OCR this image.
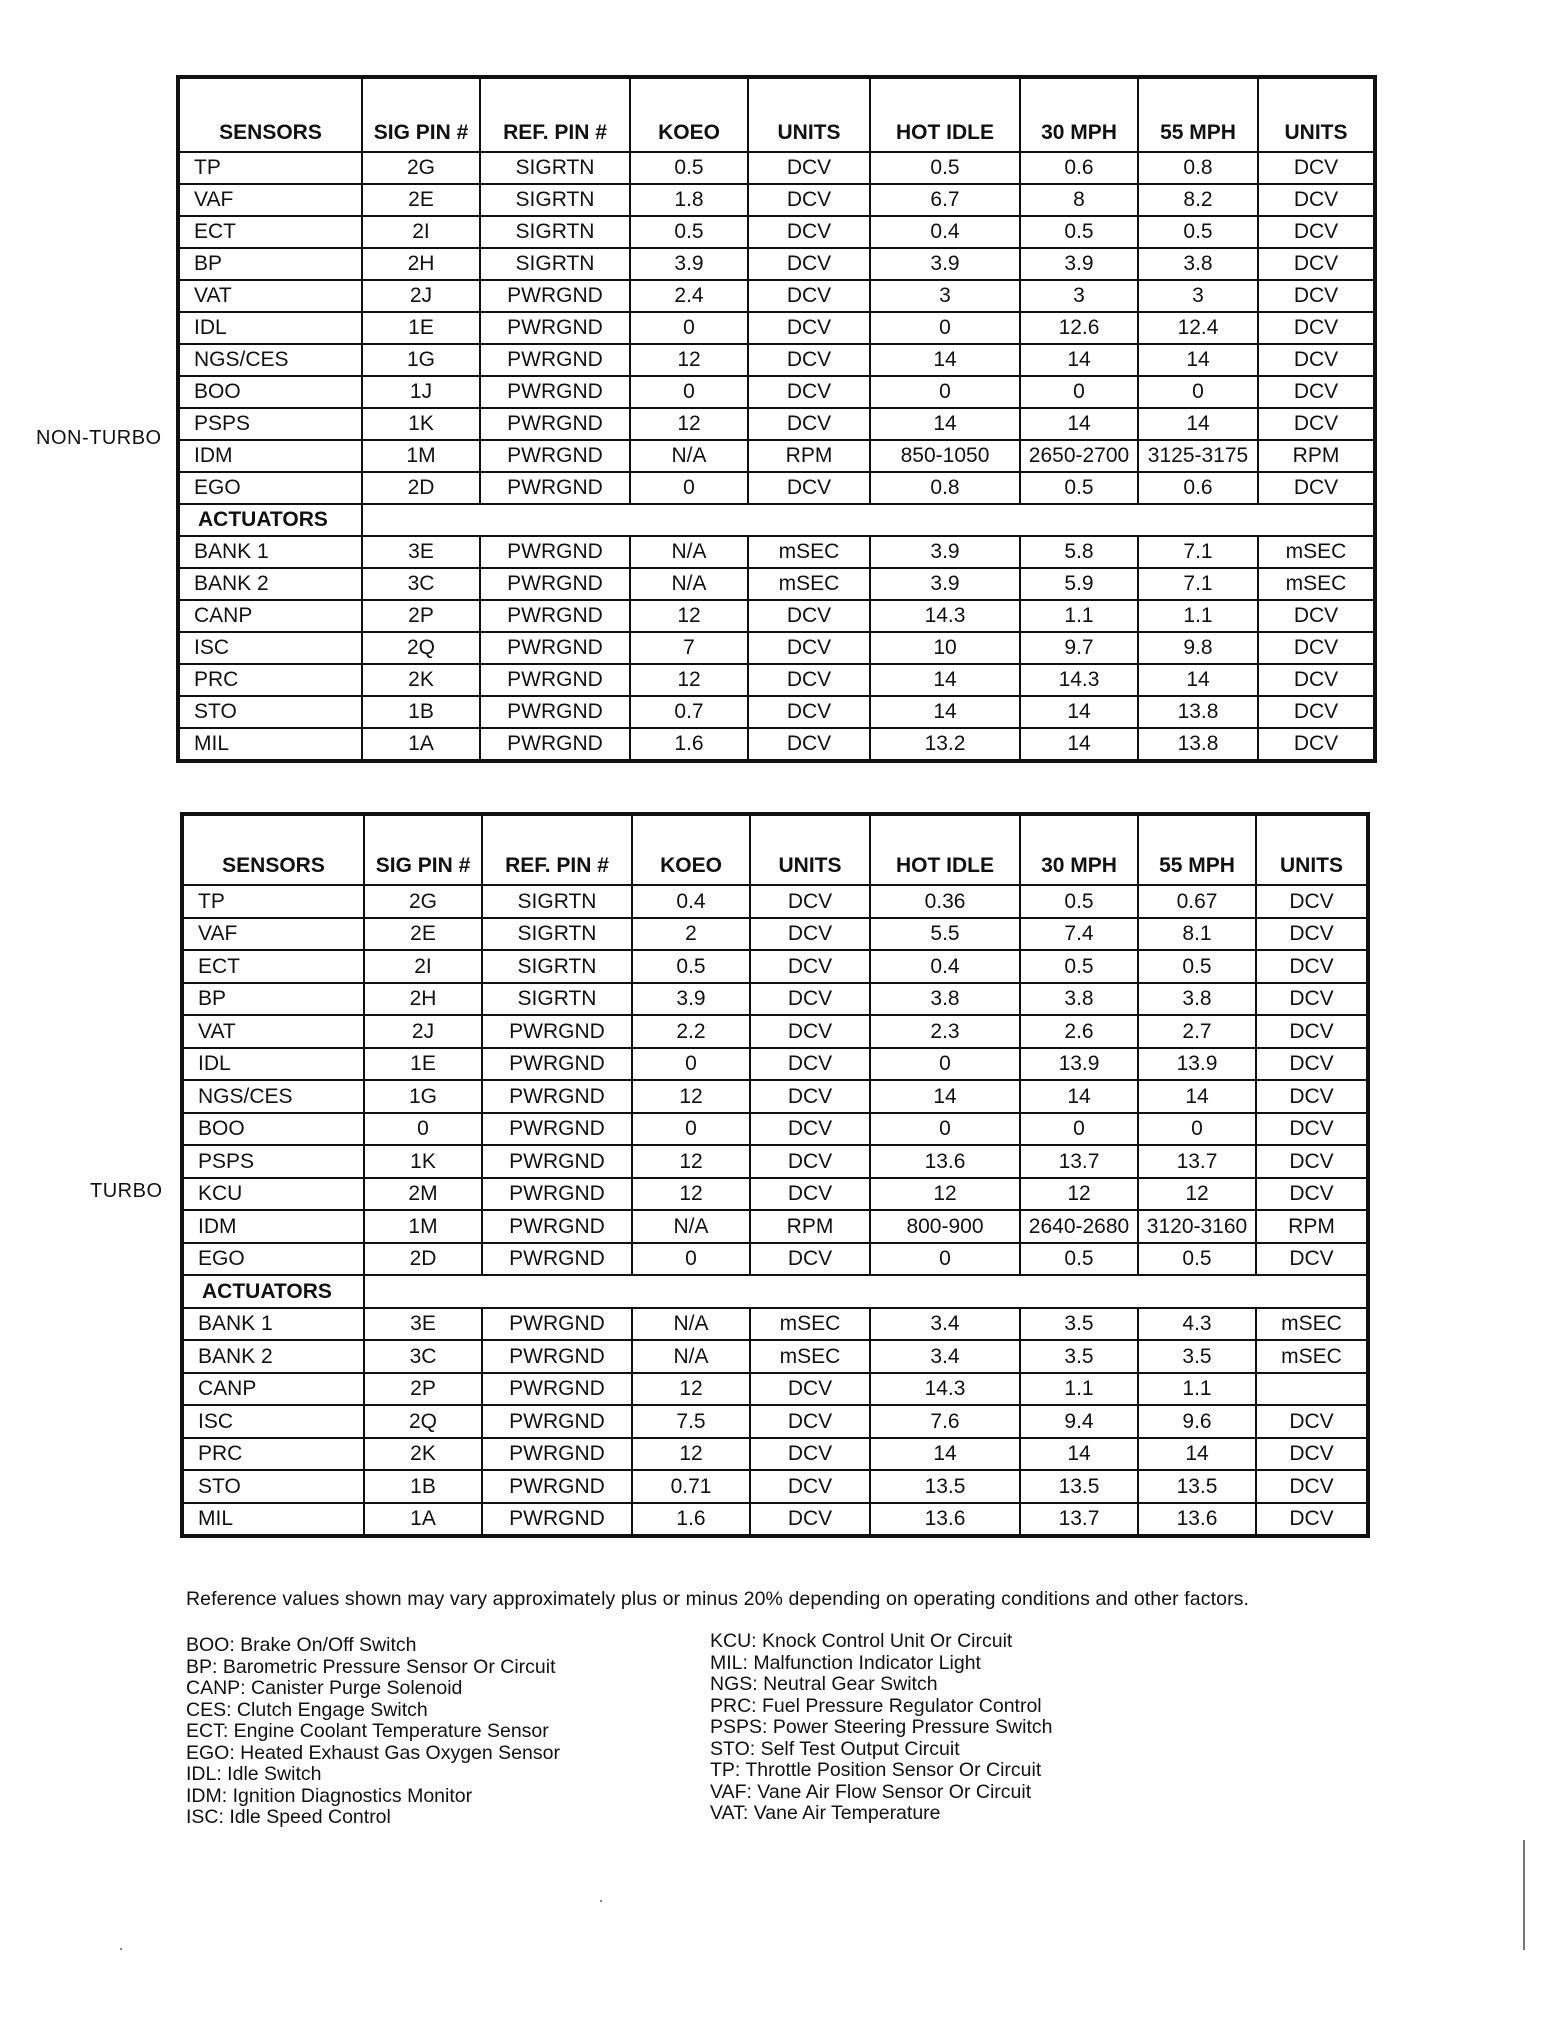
NON-TURBO
TURBO
SENSORS	SIG PIN #	REF. PIN #	KOEO	UNITS	HOT IDLE	30 MPH	55 MPH	UNITS
TP	2G	SIGRTN	0.5	DCV	0.5	0.6	0.8	DCV
VAF	2E	SIGRTN	1.8	DCV	6.7	8	8.2	DCV
ECT	2I	SIGRTN	0.5	DCV	0.4	0.5	0.5	DCV
BP	2H	SIGRTN	3.9	DCV	3.9	3.9	3.8	DCV
VAT	2J	PWRGND	2.4	DCV	3	3	3	DCV
IDL	1E	PWRGND	0	DCV	0	12.6	12.4	DCV
NGS/CES	1G	PWRGND	12	DCV	14	14	14	DCV
BOO	1J	PWRGND	0	DCV	0	0	0	DCV
PSPS	1K	PWRGND	12	DCV	14	14	14	DCV
IDM	1M	PWRGND	N/A	RPM	850-1050	2650-2700	3125-3175	RPM
EGO	2D	PWRGND	0	DCV	0.8	0.5	0.6	DCV
ACTUATORS								
BANK 1	3E	PWRGND	N/A	mSEC	3.9	5.8	7.1	mSEC
BANK 2	3C	PWRGND	N/A	mSEC	3.9	5.9	7.1	mSEC
CANP	2P	PWRGND	12	DCV	14.3	1.1	1.1	DCV
ISC	2Q	PWRGND	7	DCV	10	9.7	9.8	DCV
PRC	2K	PWRGND	12	DCV	14	14.3	14	DCV
STO	1B	PWRGND	0.7	DCV	14	14	13.8	DCV
MIL	1A	PWRGND	1.6	DCV	13.2	14	13.8	DCV
SENSORS	SIG PIN #	REF. PIN #	KOEO	UNITS	HOT IDLE	30 MPH	55 MPH	UNITS
TP	2G	SIGRTN	0.4	DCV	0.36	0.5	0.67	DCV
VAF	2E	SIGRTN	2	DCV	5.5	7.4	8.1	DCV
ECT	2I	SIGRTN	0.5	DCV	0.4	0.5	0.5	DCV
BP	2H	SIGRTN	3.9	DCV	3.8	3.8	3.8	DCV
VAT	2J	PWRGND	2.2	DCV	2.3	2.6	2.7	DCV
IDL	1E	PWRGND	0	DCV	0	13.9	13.9	DCV
NGS/CES	1G	PWRGND	12	DCV	14	14	14	DCV
BOO	0	PWRGND	0	DCV	0	0	0	DCV
PSPS	1K	PWRGND	12	DCV	13.6	13.7	13.7	DCV
KCU	2M	PWRGND	12	DCV	12	12	12	DCV
IDM	1M	PWRGND	N/A	RPM	800-900	2640-2680	3120-3160	RPM
EGO	2D	PWRGND	0	DCV	0	0.5	0.5	DCV
ACTUATORS								
BANK 1	3E	PWRGND	N/A	mSEC	3.4	3.5	4.3	mSEC
BANK 2	3C	PWRGND	N/A	mSEC	3.4	3.5	3.5	mSEC
CANP	2P	PWRGND	12	DCV	14.3	1.1	1.1	
ISC	2Q	PWRGND	7.5	DCV	7.6	9.4	9.6	DCV
PRC	2K	PWRGND	12	DCV	14	14	14	DCV
STO	1B	PWRGND	0.71	DCV	13.5	13.5	13.5	DCV
MIL	1A	PWRGND	1.6	DCV	13.6	13.7	13.6	DCV
Reference values shown may vary approximately plus or minus 20% depending on operating conditions and other factors.
BOO: Brake On/Off Switch
BP: Barometric Pressure Sensor Or Circuit
CANP: Canister Purge Solenoid
CES: Clutch Engage Switch
ECT: Engine Coolant Temperature Sensor
EGO: Heated Exhaust Gas Oxygen Sensor
IDL: Idle Switch
IDM: Ignition Diagnostics Monitor
ISC: Idle Speed Control
KCU: Knock Control Unit Or Circuit
MIL: Malfunction Indicator Light
NGS: Neutral Gear Switch
PRC: Fuel Pressure Regulator Control
PSPS: Power Steering Pressure Switch
STO: Self Test Output Circuit
TP: Throttle Position Sensor Or Circuit
VAF: Vane Air Flow Sensor Or Circuit
VAT: Vane Air Temperature
